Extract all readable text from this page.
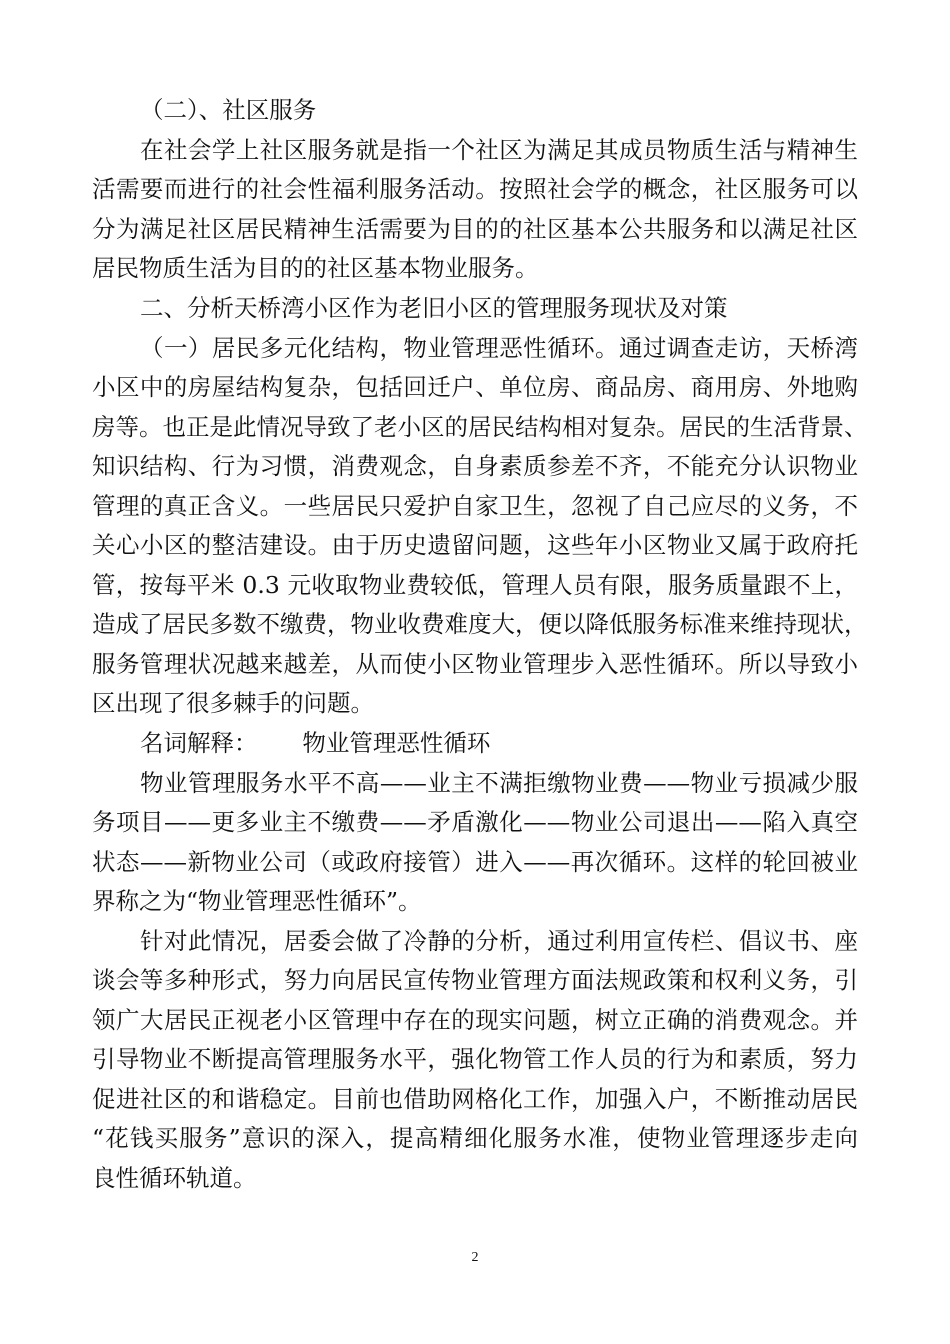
（二）、社区服务
在社会学上社区服务就是指一个社区为满足其成员物质生活与精神生
活需要而进行的社会性福利服务活动。按照社会学的概念，社区服务可以
分为满足社区居民精神生活需要为目的的社区基本公共服务和以满足社区
居民物质生活为目的的社区基本物业服务。
二、分析天桥湾小区作为老旧小区的管理服务现状及对策
（一）居民多元化结构，物业管理恶性循环。通过调查走访，天桥湾
小区中的房屋结构复杂，包括回迁户、单位房、商品房、商用房、外地购
房等。也正是此情况导致了老小区的居民结构相对复杂。居民的生活背景、
知识结构、行为习惯，消费观念，自身素质参差不齐，不能充分认识物业
管理的真正含义。一些居民只爱护自家卫生，忽视了自己应尽的义务，不
关心小区的整洁建设。由于历史遗留问题，这些年小区物业又属于政府托
管，按每平米 0.3 元收取物业费较低，管理人员有限，服务质量跟不上，
造成了居民多数不缴费，物业收费难度大，便以降低服务标准来维持现状，
服务管理状况越来越差，从而使小区物业管理步入恶性循环。所以导致小
区出现了很多棘手的问题。
名词解释：      物业管理恶性循环
物业管理服务水平不高——业主不满拒缴物业费——物业亏损减少服
务项目——更多业主不缴费——矛盾激化——物业公司退出——陷入真空
状态——新物业公司（或政府接管）进入——再次循环。这样的轮回被业
界称之为“物业管理恶性循环”。
针对此情况，居委会做了冷静的分析，通过利用宣传栏、倡议书、座
谈会等多种形式，努力向居民宣传物业管理方面法规政策和权利义务，引
领广大居民正视老小区管理中存在的现实问题，树立正确的消费观念。并
引导物业不断提高管理服务水平，强化物管工作人员的行为和素质，努力
促进社区的和谐稳定。目前也借助网格化工作，加强入户，不断推动居民
“花钱买服务”意识的深入，提高精细化服务水准，使物业管理逐步走向
良性循环轨道。
2
